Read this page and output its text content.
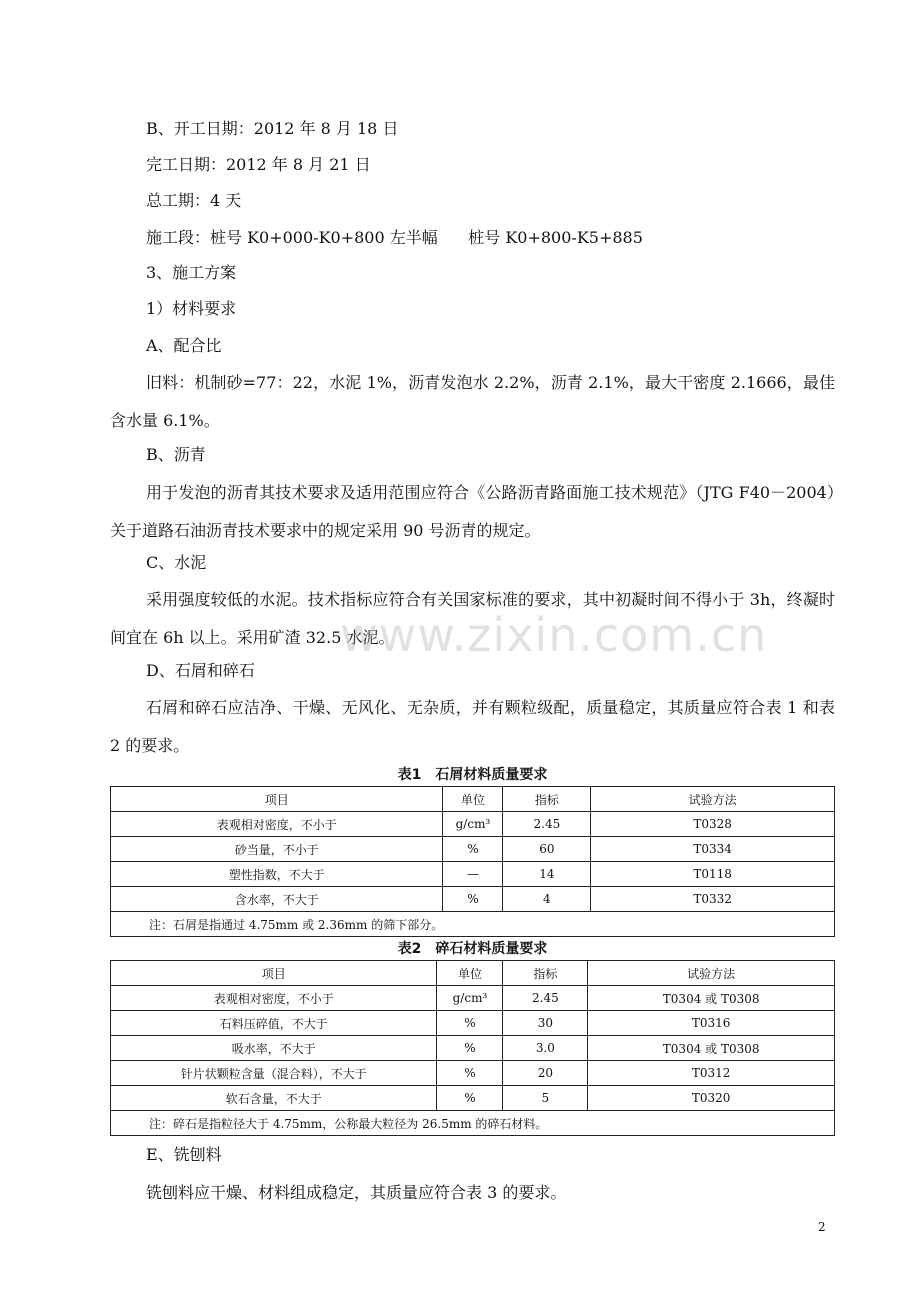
B、开工日期：2012 年 8 月 18 日
完工日期：2012 年 8 月 21 日
总工期：4 天
施工段：桩号 K0+000-K0+800 左半幅      桩号 K0+800-K5+885
3、施工方案
1）材料要求
A、配合比
旧料：机制砂=77：22，水泥 1%，沥青发泡水 2.2%，沥青 2.1%，最大干密度 2.1666，最佳含水量 6.1%。
B、沥青
用于发泡的沥青其技术要求及适用范围应符合《公路沥青路面施工技术规范》（JTG F40－2004）关于道路石油沥青技术要求中的规定采用 90 号沥青的规定。
C、水泥
采用强度较低的水泥。技术指标应符合有关国家标准的要求，其中初凝时间不得小于 3h，终凝时间宜在 6h 以上。采用矿渣 32.5 水泥。
D、石屑和碎石
石屑和碎石应洁净、干燥、无风化、无杂质，并有颗粒级配，质量稳定，其质量应符合表 1 和表 2 的要求。
表1　石屑材料质量要求
项目	单位	指标	试验方法
表观相对密度，不小于	g/cm³	2.45	T0328
砂当量，不小于	%	60	T0334
塑性指数，不大于	—	14	T0118
含水率，不大于	%	4	T0332
注：石屑是指通过 4.75mm 或 2.36mm 的筛下部分。			
表2　碎石材料质量要求
项目	单位	指标	试验方法
表观相对密度，不小于	g/cm³	2.45	T0304 或 T0308
石料压碎值，不大于	%	30	T0316
吸水率，不大于	%	3.0	T0304 或 T0308
针片状颗粒含量（混合料），不大于	%	20	T0312
软石含量，不大于	%	5	T0320
注：碎石是指粒径大于 4.75mm，公称最大粒径为 26.5mm 的碎石材料。			
E、铣刨料
铣刨料应干燥、材料组成稳定，其质量应符合表 3 的要求。
www.zixin.com.cn
2
